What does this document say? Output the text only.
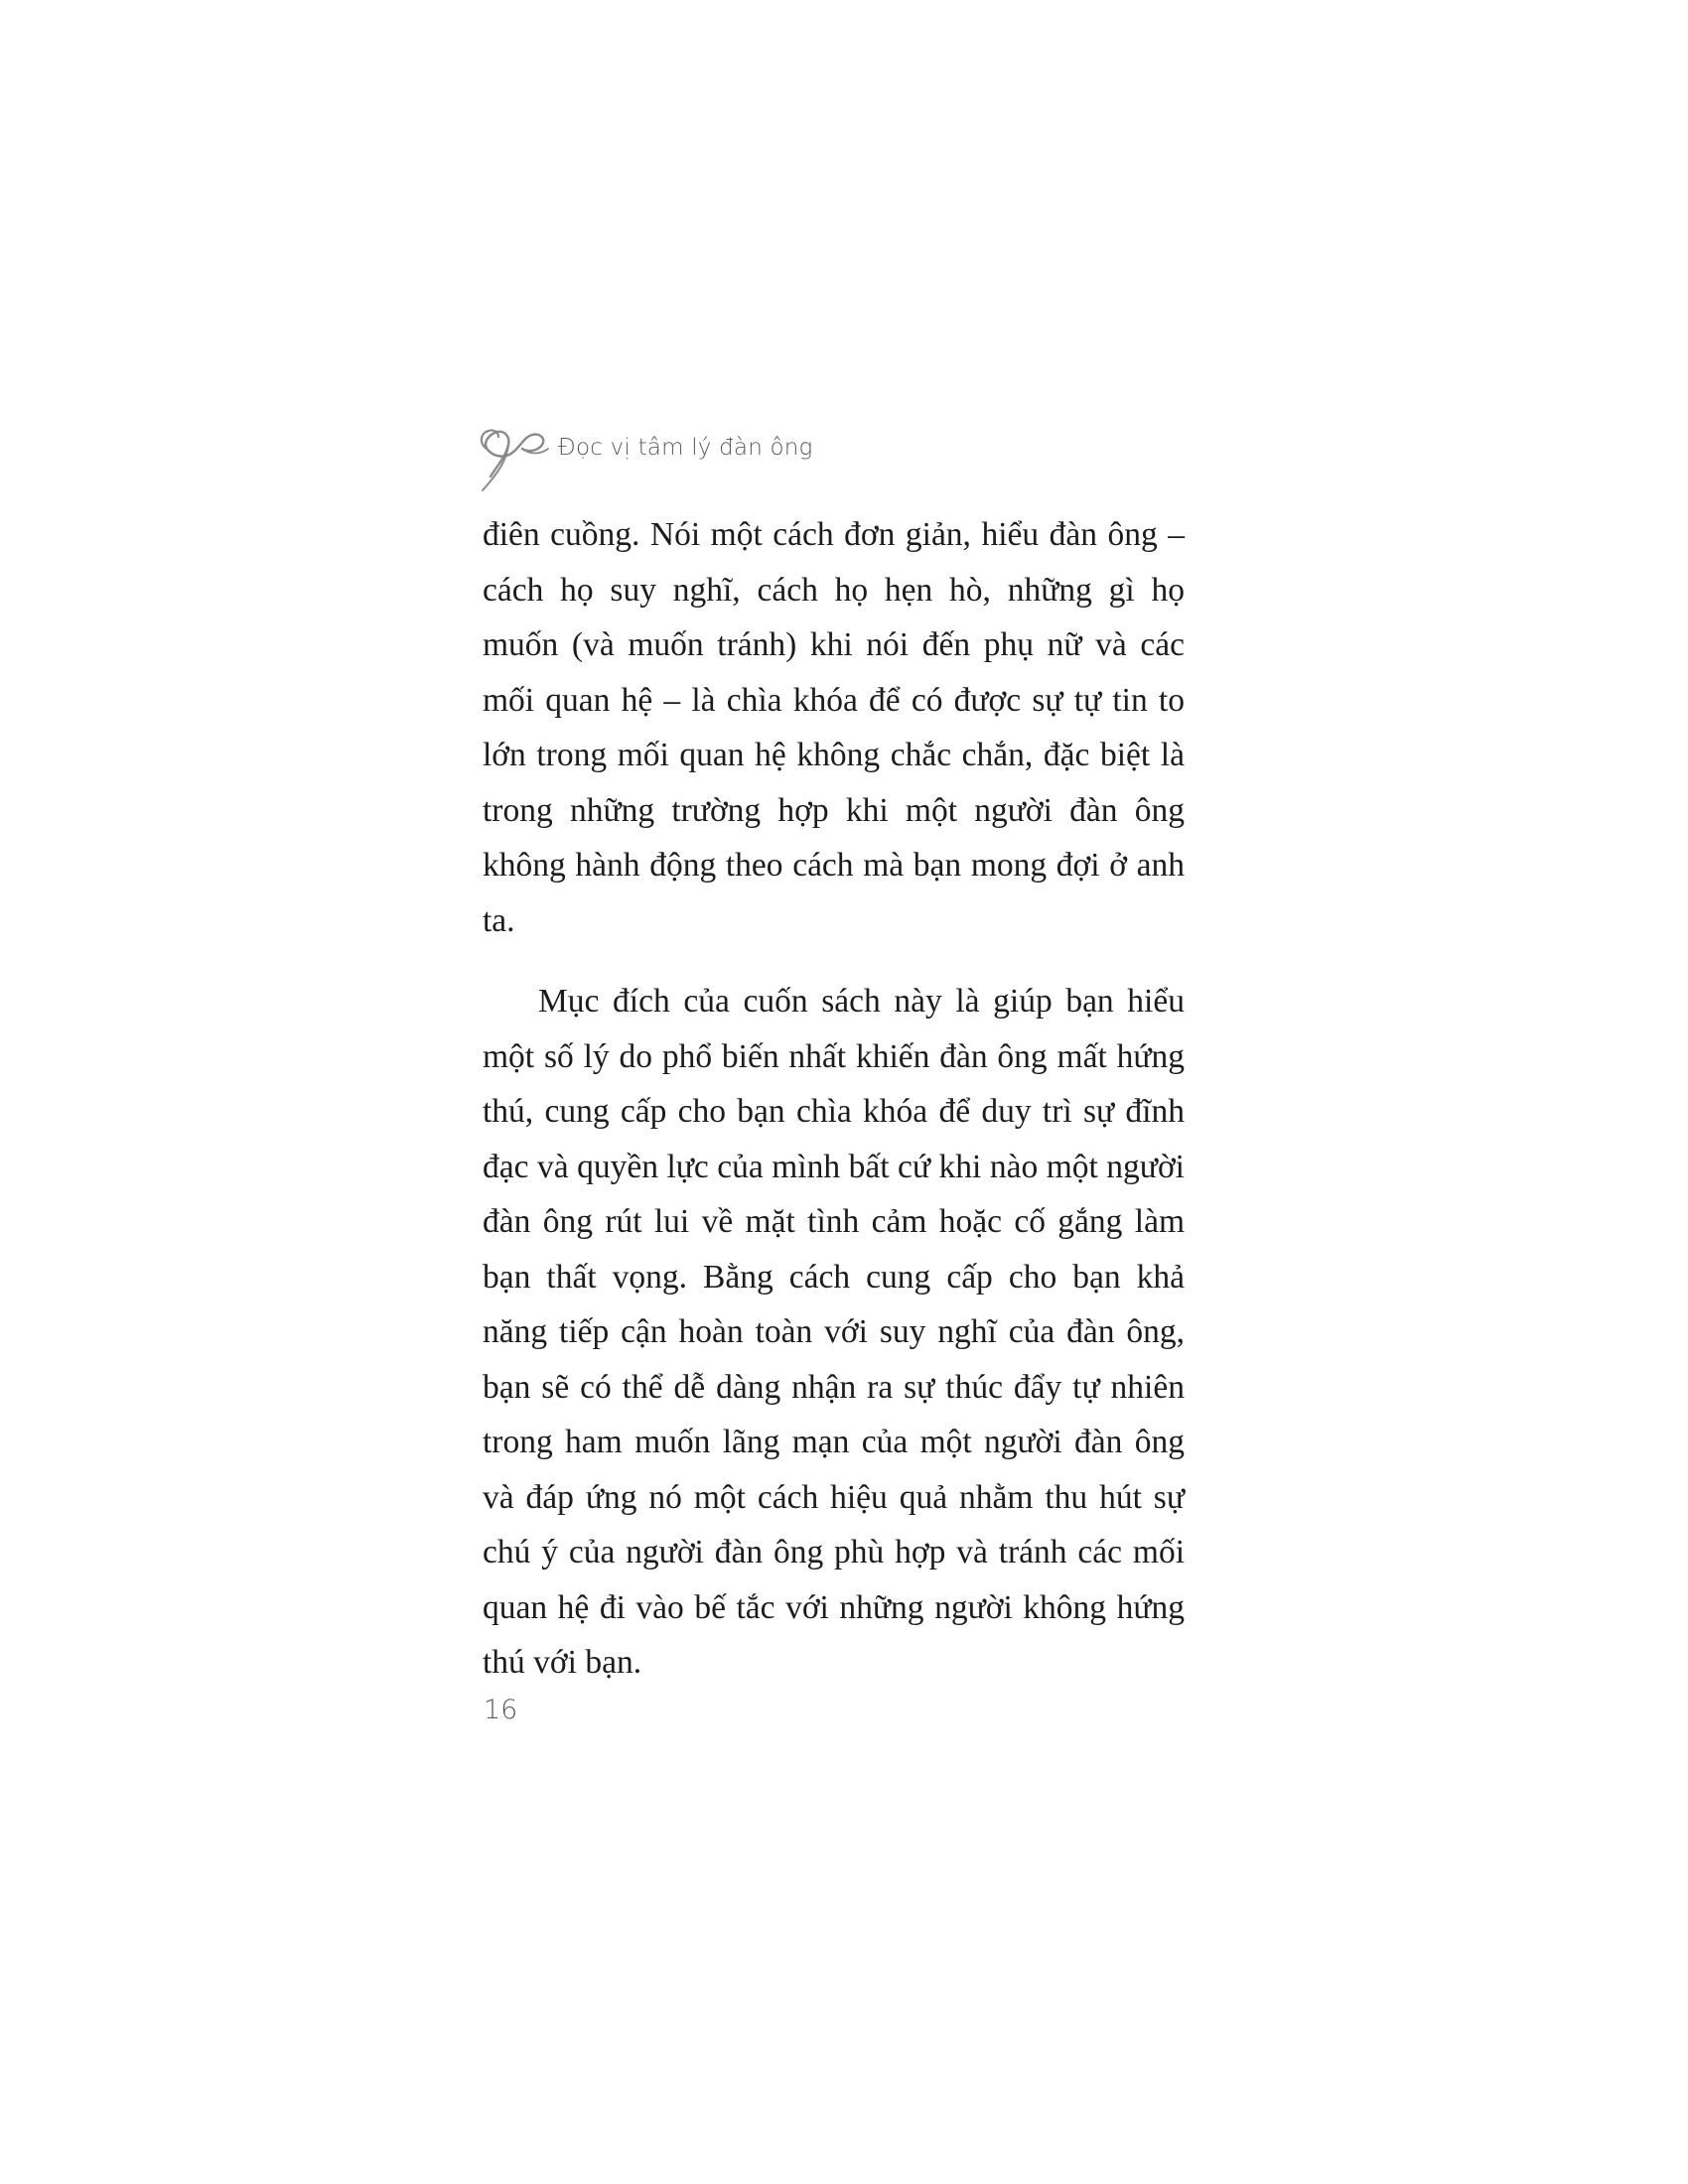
Đọc vị tâm lý đàn ông

điên cuồng. Nói một cách đơn giản, hiểu đàn ông – cách họ suy nghĩ, cách họ hẹn hò, những gì họ muốn (và muốn tránh) khi nói đến phụ nữ và các mối quan hệ – là chìa khóa để có được sự tự tin to lớn trong mối quan hệ không chắc chắn, đặc biệt là trong những trường hợp khi một người đàn ông không hành động theo cách mà bạn mong đợi ở anh ta.

Mục đích của cuốn sách này là giúp bạn hiểu một số lý do phổ biến nhất khiến đàn ông mất hứng thú, cung cấp cho bạn chìa khóa để duy trì sự đĩnh đạc và quyền lực của mình bất cứ khi nào một người đàn ông rút lui về mặt tình cảm hoặc cố gắng làm bạn thất vọng. Bằng cách cung cấp cho bạn khả năng tiếp cận hoàn toàn với suy nghĩ của đàn ông, bạn sẽ có thể dễ dàng nhận ra sự thúc đẩy tự nhiên trong ham muốn lãng mạn của một người đàn ông và đáp ứng nó một cách hiệu quả nhằm thu hút sự chú ý của người đàn ông phù hợp và tránh các mối quan hệ đi vào bế tắc với những người không hứng thú với bạn.

16
